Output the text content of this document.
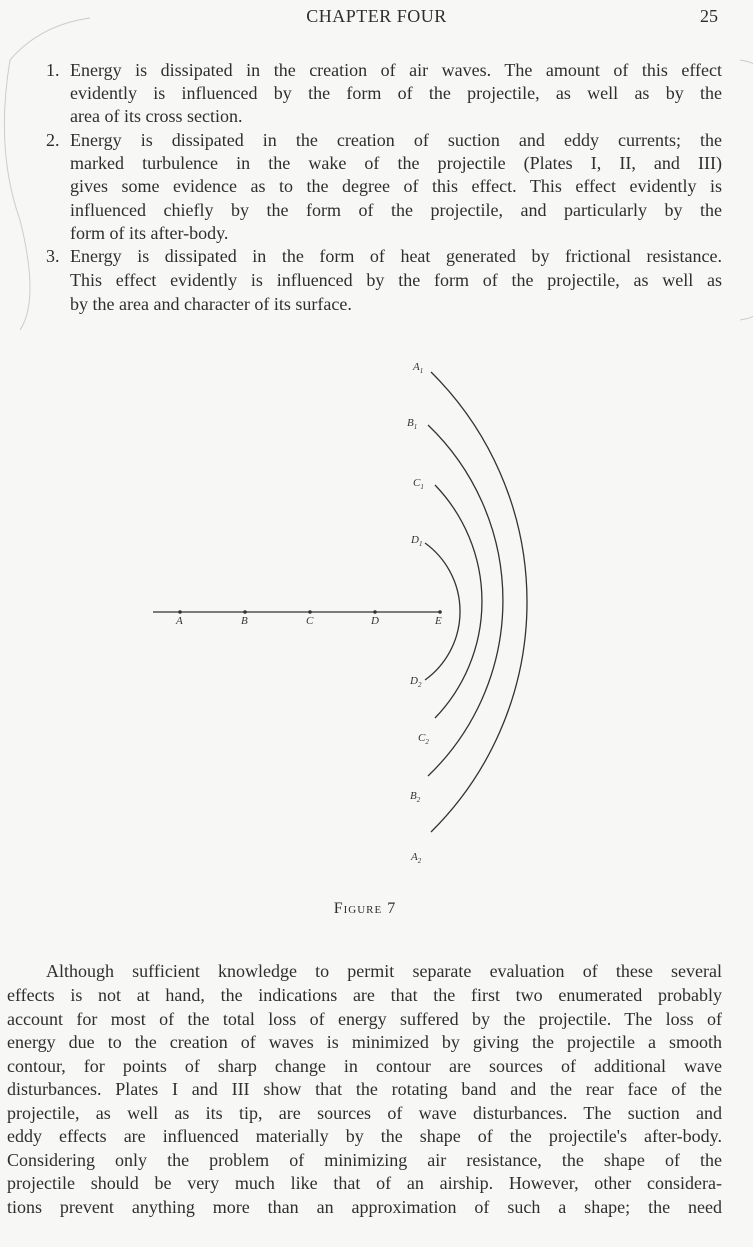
CHAPTER FOUR	25
1. Energy is dissipated in the creation of air waves. The amount of this effect
evidently is influenced by the form of the projectile, as well as by the
area of its cross section.
2. Energy is dissipated in the creation of suction and eddy currents; the
marked turbulence in the wake of the projectile (Plates I, II, and III)
gives some evidence as to the degree of this effect. This effect evidently is
influenced chiefly by the form of the projectile, and particularly by the
form of its after-body.
3. Energy is dissipated in the form of heat generated by frictional resistance.
This effect evidently is influenced by the form of the projectile, as well as
by the area and character of its surface.
A	B	C	D	E
$A_1$
$B_1$
$C_1$
$D_1$
$D_2$
$C_2$
$B_2$
$A_2$
Figure 7
Although sufficient knowledge to permit separate evaluation of these several
effects is not at hand, the indications are that the first two enumerated probably
account for most of the total loss of energy suffered by the projectile. The loss of
energy due to the creation of waves is minimized by giving the projectile a smooth
contour, for points of sharp change in contour are sources of additional wave
disturbances. Plates I and III show that the rotating band and the rear face of the
projectile, as well as its tip, are sources of wave disturbances. The suction and
eddy effects are influenced materially by the shape of the projectile's after-body.
Considering only the problem of minimizing air resistance, the shape of the
projectile should be very much like that of an airship. However, other considera-
tions prevent anything more than an approximation of such a shape; the need
